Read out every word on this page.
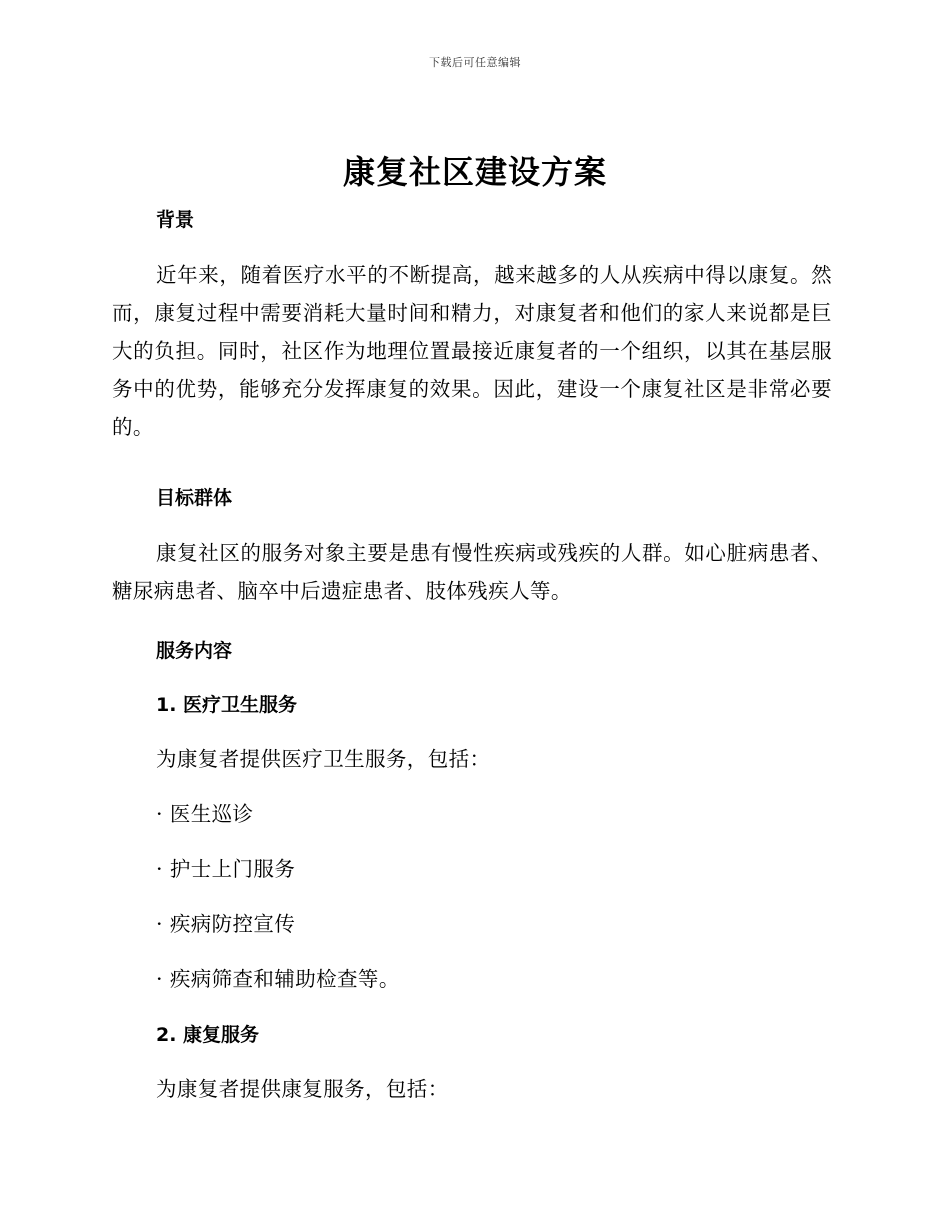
下载后可任意编辑
康复社区建设方案
背景
近年来，随着医疗水平的不断提高，越来越多的人从疾病中得以康复。然而，康复过程中需要消耗大量时间和精力，对康复者和他们的家人来说都是巨大的负担。同时，社区作为地理位置最接近康复者的一个组织，以其在基层服务中的优势，能够充分发挥康复的效果。因此，建设一个康复社区是非常必要的。
目标群体
康复社区的服务对象主要是患有慢性疾病或残疾的人群。如心脏病患者、糖尿病患者、脑卒中后遗症患者、肢体残疾人等。
服务内容
1. 医疗卫生服务
为康复者提供医疗卫生服务，包括：
· 医生巡诊
· 护士上门服务
· 疾病防控宣传
· 疾病筛查和辅助检查等。
2. 康复服务
为康复者提供康复服务，包括：
